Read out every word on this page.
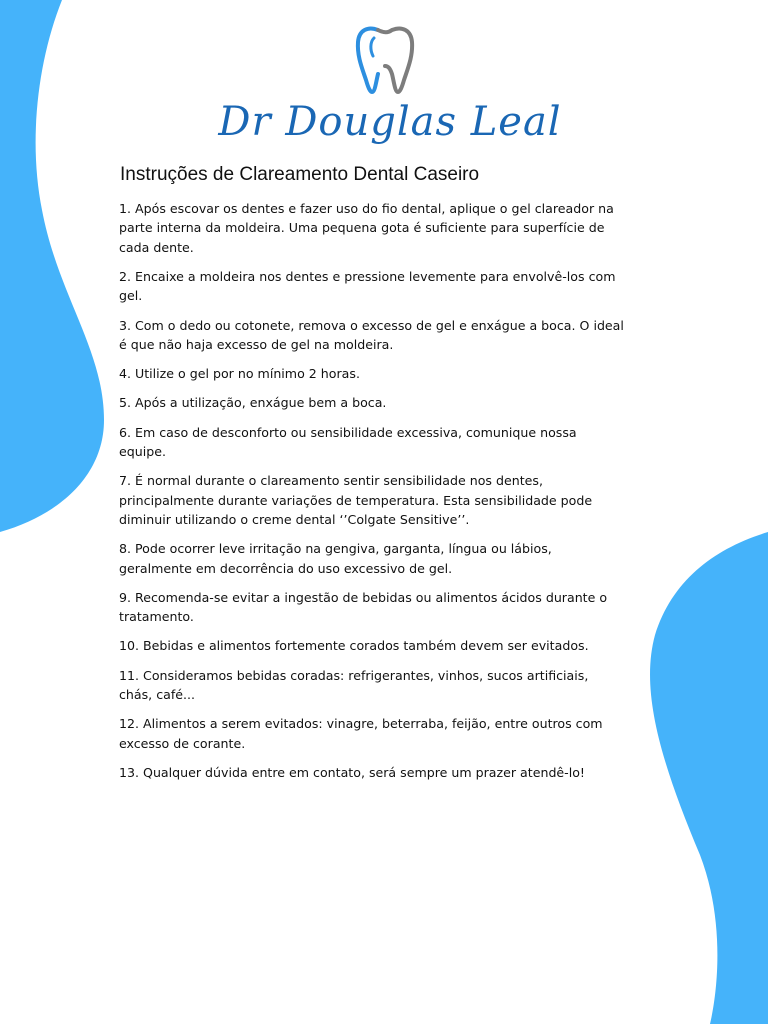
Dr Douglas Leal
Instruções de Clareamento Dental Caseiro

1. Após escovar os dentes e fazer uso do fio dental, aplique o gel clareador na parte interna da moldeira. Uma pequena gota é suficiente para superfície de cada dente.

2. Encaixe a moldeira nos dentes e pressione levemente para envolvê-los com gel.

3. Com o dedo ou cotonete, remova o excesso de gel e enxágue a boca. O ideal é que não haja excesso de gel na moldeira.

4. Utilize o gel por no mínimo 2 horas.

5. Após a utilização, enxágue bem a boca.

6. Em caso de desconforto ou sensibilidade excessiva, comunique nossa equipe.

7. É normal durante o clareamento sentir sensibilidade nos dentes, principalmente durante variações de temperatura. Esta sensibilidade pode diminuir utilizando o creme dental ‘’Colgate Sensitive’’.

8. Pode ocorrer leve irritação na gengiva, garganta, língua ou lábios, geralmente em decorrência do uso excessivo de gel.

9. Recomenda-se evitar a ingestão de bebidas ou alimentos ácidos durante o tratamento.

10. Bebidas e alimentos fortemente corados também devem ser evitados.

11. Consideramos bebidas coradas: refrigerantes, vinhos, sucos artificiais, chás, café...

12. Alimentos a serem evitados: vinagre, beterraba, feijão, entre outros com excesso de corante.

13. Qualquer dúvida entre em contato, será sempre um prazer atendê-lo!
